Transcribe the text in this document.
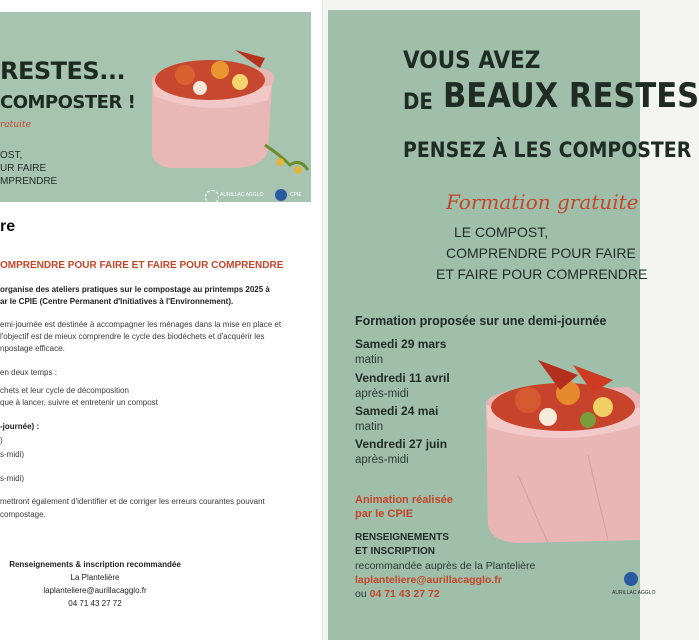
RESTES...
COMPOSTER !
ratuite
OST,
UR FAIRE
MPRENDRE
AURILLAC AGGLO	CPIE
re
OMPRENDRE POUR FAIRE ET FAIRE POUR COMPRENDRE
organise des ateliers pratiques sur le compostage au printemps 2025 à
ar le CPIE (Centre Permanent d'Initiatives à l'Environnement).
emi-journée est destinée à accompagner les ménages dans la mise en place et
l'objectif est de mieux comprendre le cycle des biodéchets et d'acquérir les
npostage efficace.
en deux temps :
chets et leur cycle de décomposition
que à lancer, suivre et entretenir un compost
-journée) :
)
s-midi)
s-midi)
mettront également d'identifier et de corriger les erreurs courantes pouvant
compostage.
Renseignements & inscription recommandée
La Plantelière
laplanteliere@aurillacagglo.fr
04 71 43 27 72
VOUS AVEZ
DE BEAUX RESTES
PENSEZ À LES COMPOSTER
Formation gratuite
LE COMPOST,
COMPRENDRE POUR FAIRE
ET FAIRE POUR COMPRENDRE
Formation proposée sur une demi-journée
Samedi 29 mars
matin
Vendredi 11 avril
après-midi
Samedi 24 mai
matin
Vendredi 27 juin
après-midi
Animation réalisée
par le CPIE
RENSEIGNEMENTS
ET INSCRIPTION
recommandée auprès de la Plantelière
laplanteliere@aurillacagglo.fr
ou 04 71 43 27 72	AURILLAC AGGLO
